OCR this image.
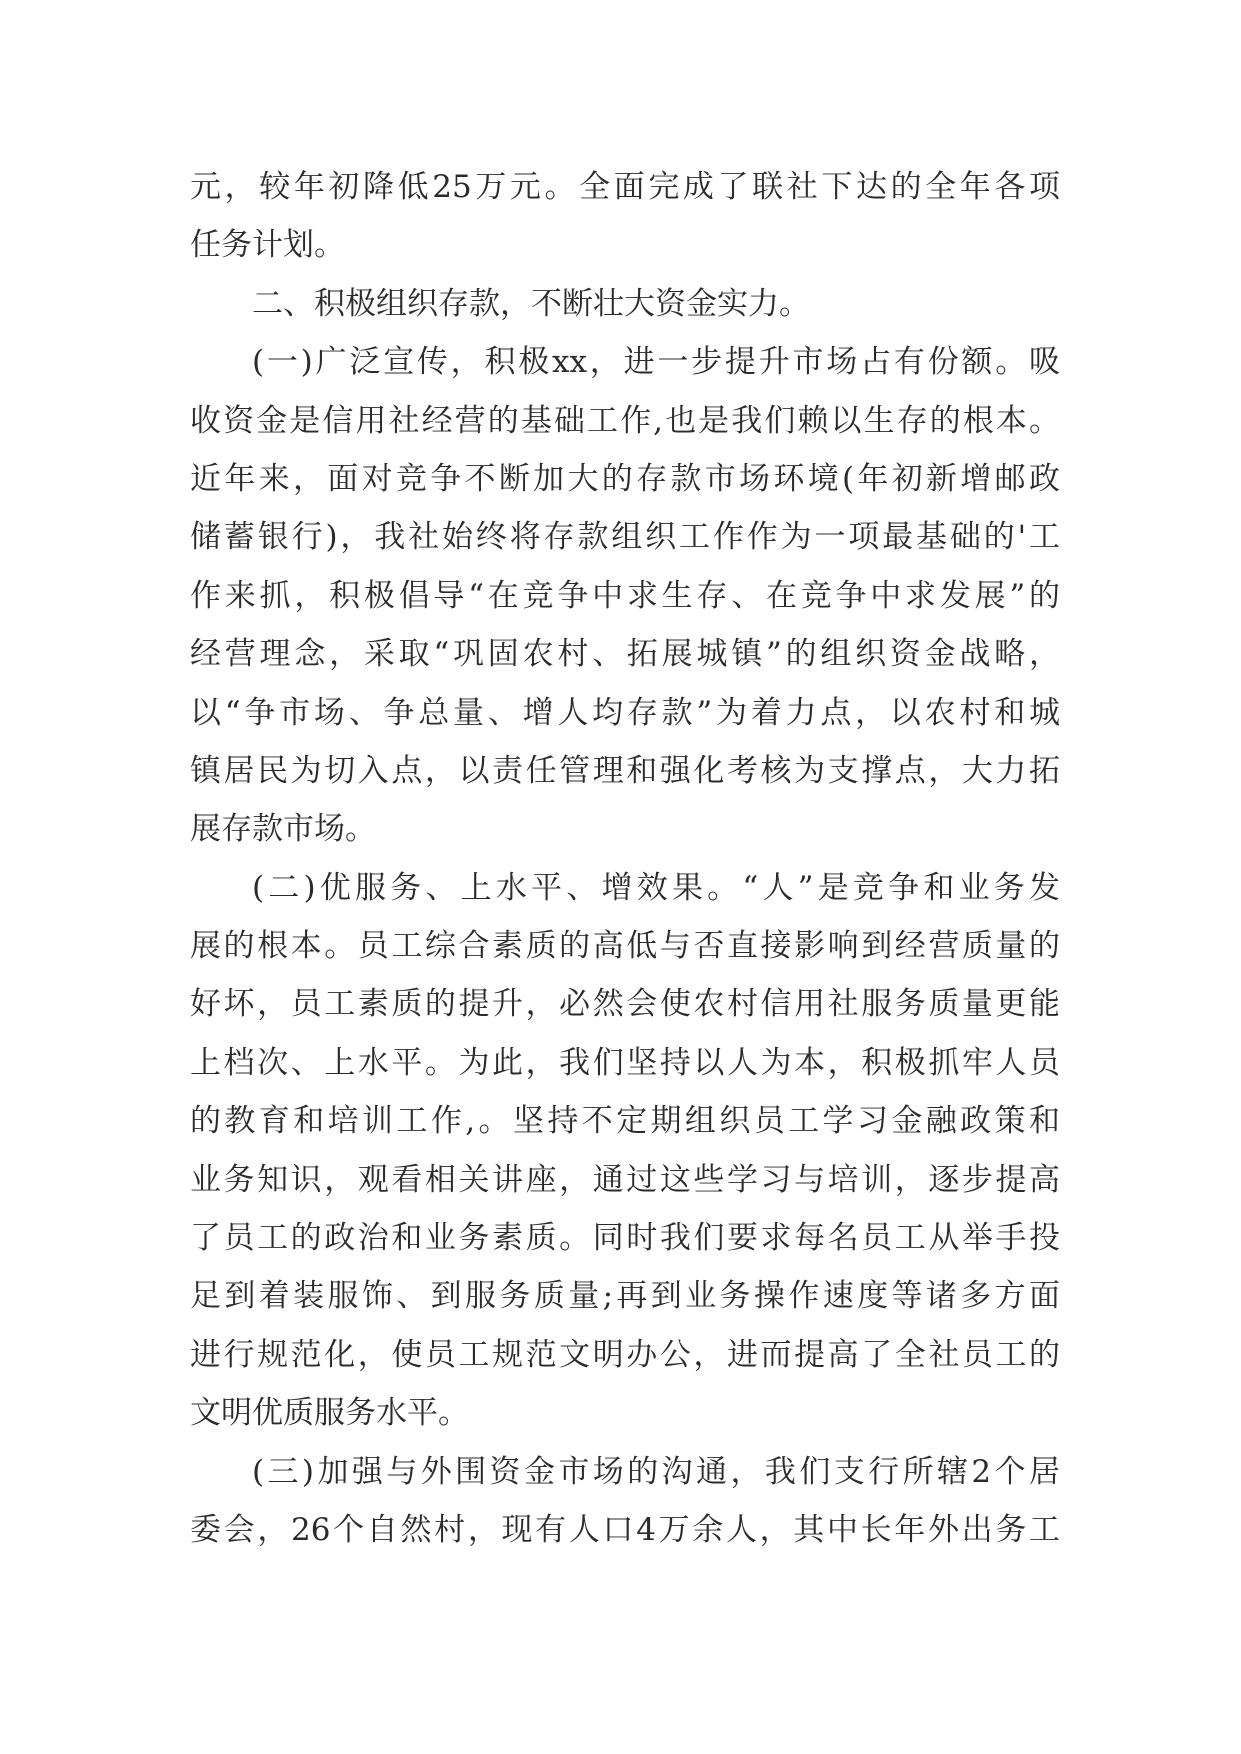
元，较年初降低25万元。全面完成了联社下达的全年各项
任务计划。
二、积极组织存款，不断壮大资金实力。
(一)广泛宣传，积极xx，进一步提升市场占有份额。吸
收资金是信用社经营的基础工作,也是我们赖以生存的根本。
近年来，面对竞争不断加大的存款市场环境(年初新增邮政
储蓄银行)，我社始终将存款组织工作作为一项最基础的'工
作来抓，积极倡导“在竞争中求生存、在竞争中求发展”的
经营理念，采取“巩固农村、拓展城镇”的组织资金战略，
以“争市场、争总量、增人均存款”为着力点，以农村和城
镇居民为切入点，以责任管理和强化考核为支撑点，大力拓
展存款市场。
(二)优服务、上水平、增效果。“人”是竞争和业务发
展的根本。员工综合素质的高低与否直接影响到经营质量的
好坏，员工素质的提升，必然会使农村信用社服务质量更能
上档次、上水平。为此，我们坚持以人为本，积极抓牢人员
的教育和培训工作,。坚持不定期组织员工学习金融政策和
业务知识，观看相关讲座，通过这些学习与培训，逐步提高
了员工的政治和业务素质。同时我们要求每名员工从举手投
足到着装服饰、到服务质量;再到业务操作速度等诸多方面
进行规范化，使员工规范文明办公，进而提高了全社员工的
文明优质服务水平。
(三)加强与外围资金市场的沟通，我们支行所辖2个居
委会，26个自然村，现有人口4万余人，其中长年外出务工
